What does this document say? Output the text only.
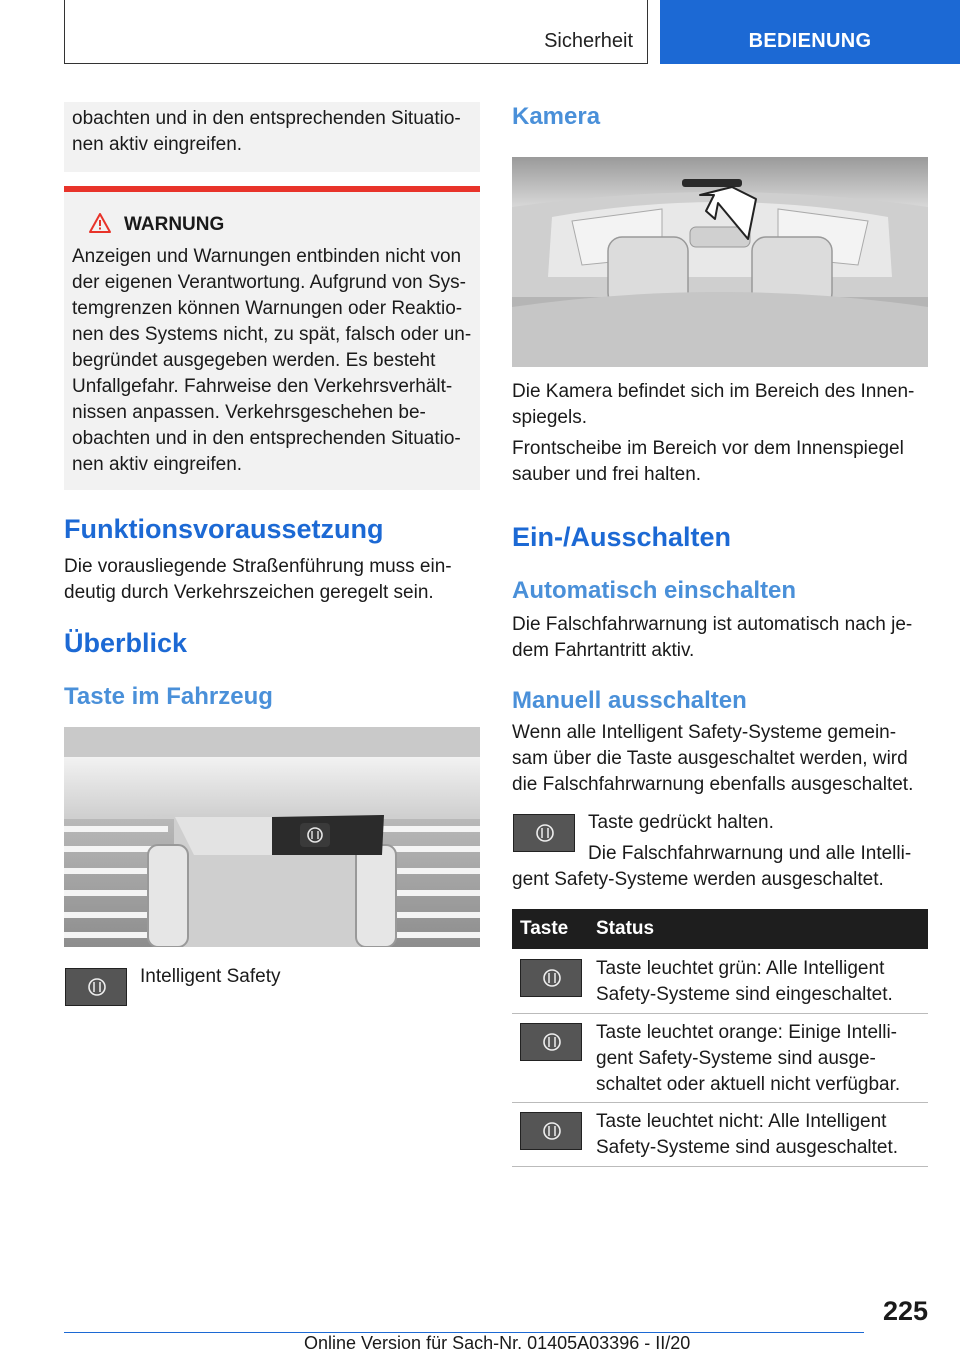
Sicherheit	BEDIENUNG
obachten und in den entsprechenden Situatio-
nen aktiv eingreifen.
WARNUNG
Anzeigen und Warnungen entbinden nicht von
der eigenen Verantwortung. Aufgrund von Sys-
temgrenzen können Warnungen oder Reaktio-
nen des Systems nicht, zu spät, falsch oder un-
begründet ausgegeben werden. Es besteht
Unfallgefahr. Fahrweise den Verkehrsverhält-
nissen anpassen. Verkehrsgeschehen be-
obachten und in den entsprechenden Situatio-
nen aktiv eingreifen.
Funktionsvoraussetzung
Die vorausliegende Straßenführung muss ein-
deutig durch Verkehrszeichen geregelt sein.
Überblick
Taste im Fahrzeug
Intelligent Safety
Kamera
Die Kamera befindet sich im Bereich des Innen-
spiegels.
Frontscheibe im Bereich vor dem Innenspiegel
sauber und frei halten.
Ein-/Ausschalten
Automatisch einschalten
Die Falschfahrwarnung ist automatisch nach je-
dem Fahrtantritt aktiv.
Manuell ausschalten
Wenn alle Intelligent Safety-Systeme gemein-
sam über die Taste ausgeschaltet werden, wird
die Falschfahrwarnung ebenfalls ausgeschaltet.
Taste gedrückt halten.
Die Falschfahrwarnung und alle Intelli-
gent Safety-Systeme werden ausgeschaltet.
Taste Status
Taste leuchtet grün: Alle Intelligent
Safety-Systeme sind eingeschaltet.
Taste leuchtet orange: Einige Intelli-
gent Safety-Systeme sind ausge-
schaltet oder aktuell nicht verfügbar.
Taste leuchtet nicht: Alle Intelligent
Safety-Systeme sind ausgeschaltet.
225
Online Version für Sach-Nr. 01405A03396 - II/20
